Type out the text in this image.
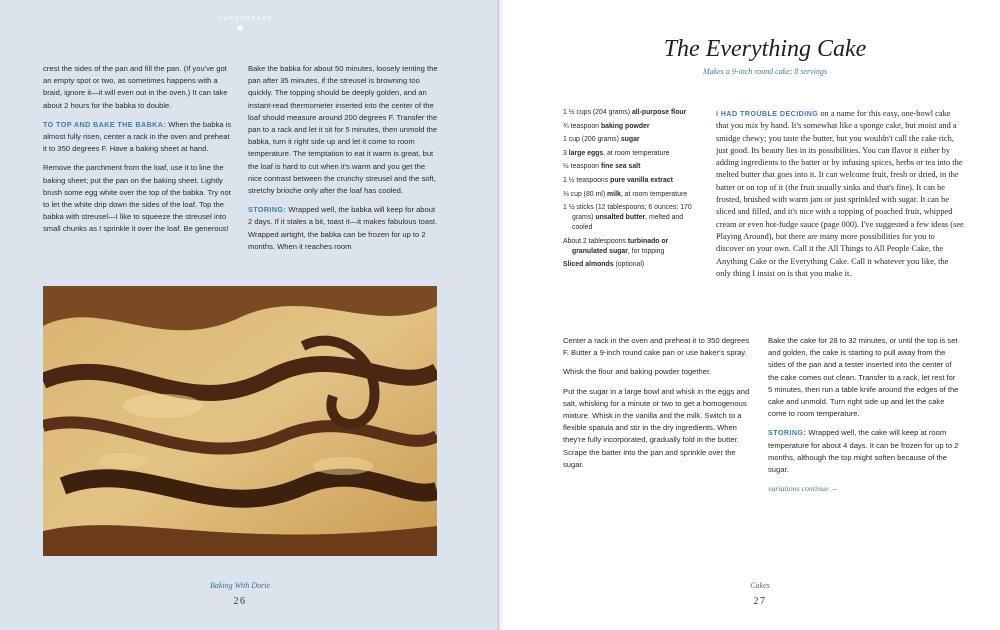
SWEETHEART
♥

crest the sides of the pan and fill the pan. (If you've got an empty spot or two, as sometimes happens with a braid, ignore it—it will even out in the oven.) It can take about 2 hours for the babka to double.

TO TOP AND BAKE THE BABKA: When the babka is almost fully risen, center a rack in the oven and preheat it to 350 degrees F. Have a baking sheet at hand.

Remove the parchment from the loaf, use it to line the baking sheet; put the pan on the baking sheet. Lightly brush some egg white over the top of the babka. Try not to let the white drip down the sides of the loaf. Top the babka with streusel—I like to squeeze the streusel into small chunks as I sprinkle it over the loaf. Be generous!

Bake the babka for about 50 minutes, loosely tenting the pan after 35 minutes, if the streusel is browning too quickly. The topping should be deeply golden, and an instant-read thermometer inserted into the center of the loaf should measure around 200 degrees F. Transfer the pan to a rack and let it sit for 5 minutes, then unmold the babka, turn it right side up and let it come to room temperature. The temptation to eat it warm is great, but the loaf is hard to cut when it's warm and you get the nice contrast between the crunchy streusel and the soft, stretchy brioche only after the loaf has cooled.

STORING: Wrapped well, the babka will keep for about 2 days. If it stales a bit, toast it—it makes fabulous toast. Wrapped airtight, the babka can be frozen for up to 2 months. When it reaches room

Baking With Dorie
26
The Everything Cake
Makes a 9-inch round cake; 8 servings
1 ½ cups (204 grams) all-purpose flour
¾ teaspoon baking powder
1 cup (200 grams) sugar
3 large eggs, at room temperature
½ teaspoon fine sea salt
1 ½ teaspoons pure vanilla extract
⅓ cup (80 ml) milk, at room temperature
1 ½ sticks (12 tablespoons; 6 ounces; 170 grams) unsalted butter, melted and cooled
About 2 tablespoons turbinado or granulated sugar, for topping
Sliced almonds (optional)
I HAD TROUBLE DECIDING on a name for this easy, one-bowl cake that you mix by hand. It's somewhat like a sponge cake, but moist and a smidge chewy; you taste the butter, but you wouldn't call the cake rich, just good. Its beauty lies in its possibilities. You can flavor it either by adding ingredients to the batter or by infusing spices, herbs or tea into the melted butter that goes into it. It can welcome fruit, fresh or dried, in the batter or on top of it (the fruit usually sinks and that's fine). It can be frosted, brushed with warm jam or just sprinkled with sugar. It can be sliced and filled, and it's nice with a topping of poached fruit, whipped cream or even hot-fudge sauce (page 000). I've suggested a few ideas (see Playing Around), but there are many more possibilities for you to discover on your own. Call it the All Things to All People Cake, the Anything Cake or the Everything Cake. Call it whatever you like, the only thing I insist on is that you make it.

Center a rack in the oven and preheat it to 350 degrees F. Butter a 9-inch round cake pan or use baker's spray.

Whisk the flour and baking powder together.

Put the sugar in a large bowl and whisk in the eggs and salt, whisking for a minute or two to get a homogenous mixture. Whisk in the vanilla and the milk. Switch to a flexible spatula and stir in the dry ingredients. When they're fully incorporated, gradually fold in the butter. Scrape the batter into the pan and sprinkle over the sugar.

Bake the cake for 28 to 32 minutes, or until the top is set and golden, the cake is starting to pull away from the sides of the pan and a tester inserted into the center of the cake comes out clean. Transfer to a rack, let rest for 5 minutes, then run a table knife around the edges of the cake and unmold. Turn right side up and let the cake come to room temperature.

STORING: Wrapped well, the cake will keep at room temperature for about 4 days. It can be frozen for up to 2 months, although the top might soften because of the sugar.

variations continue →
Cakes
27
